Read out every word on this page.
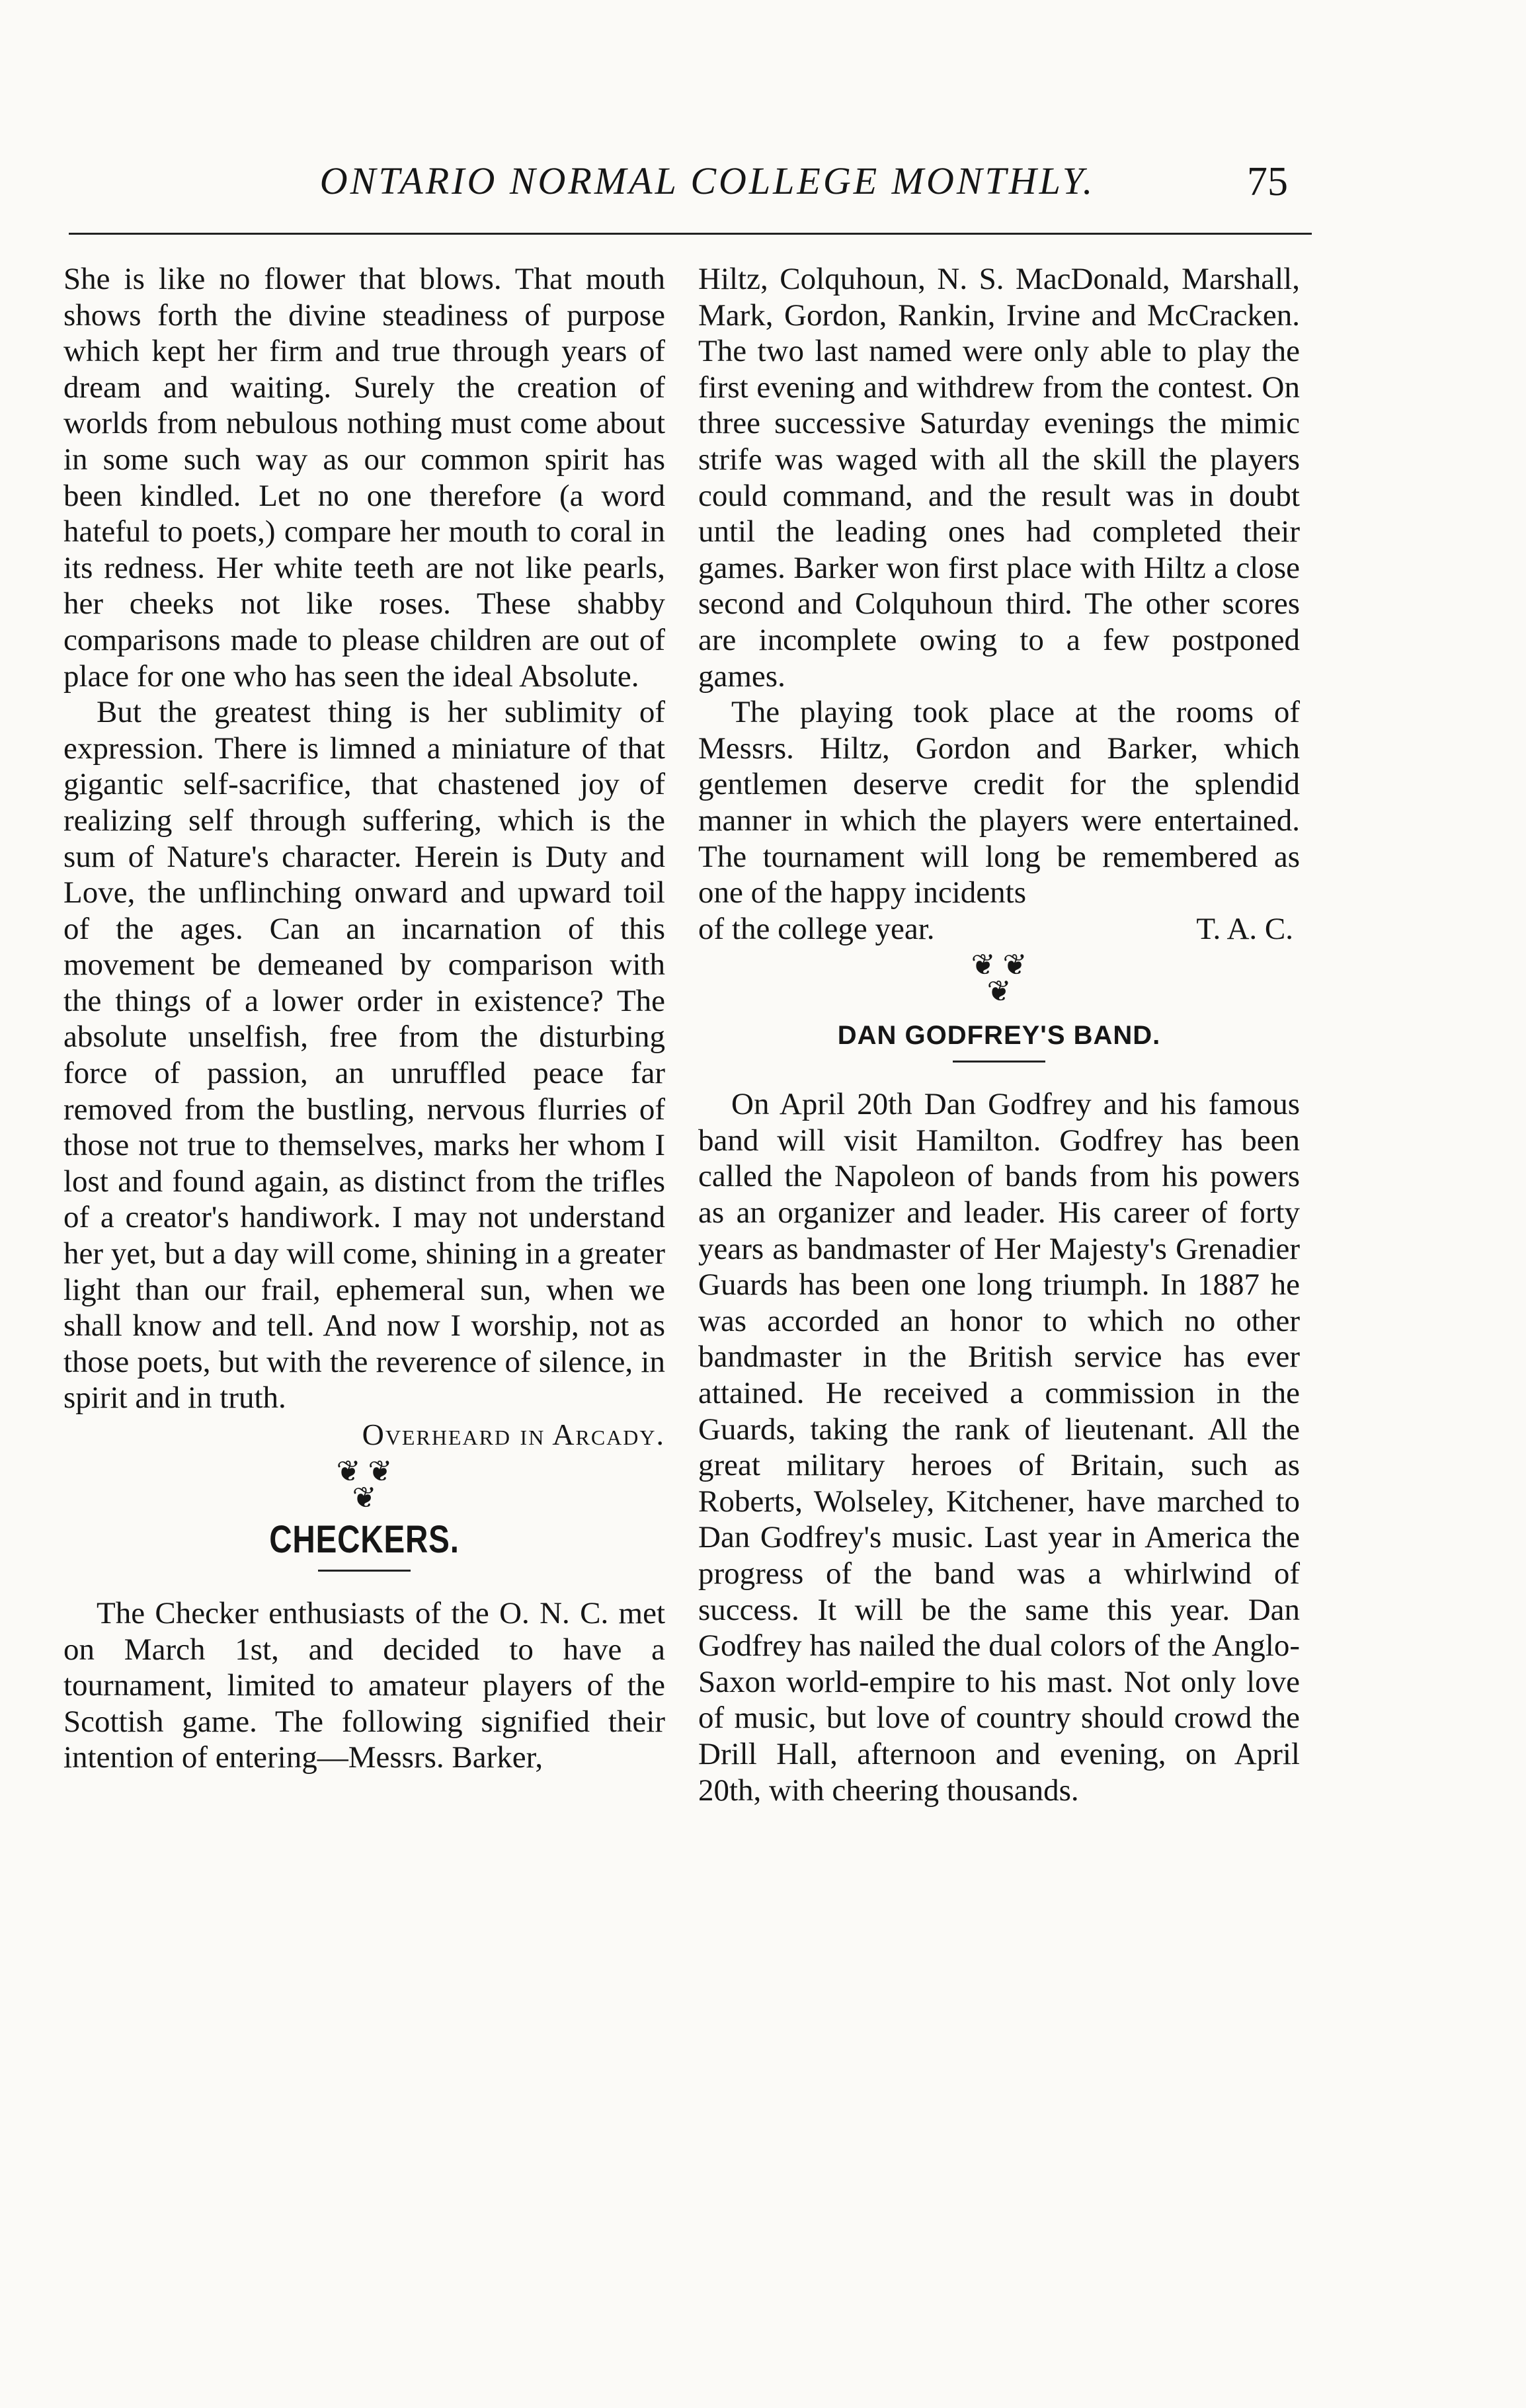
ONTARIO NORMAL COLLEGE MONTHLY.	75

She is like no flower that blows. That mouth shows forth the divine steadiness of purpose which kept her firm and true through years of dream and waiting. Surely the creation of worlds from nebulous nothing must come about in some such way as our common spirit has been kindled. Let no one therefore (a word hateful to poets,) compare her mouth to coral in its redness. Her white teeth are not like pearls, her cheeks not like roses. These shabby comparisons made to please children are out of place for one who has seen the ideal Absolute.

But the greatest thing is her sublimity of expression. There is limned a miniature of that gigantic self-sacrifice, that chastened joy of realizing self through suffering, which is the sum of Nature's character. Herein is Duty and Love, the unflinching onward and upward toil of the ages. Can an incarnation of this movement be demeaned by comparison with the things of a lower order in existence? The absolute unselfish, free from the disturbing force of passion, an unruffled peace far removed from the bustling, nervous flurries of those not true to themselves, marks her whom I lost and found again, as distinct from the trifles of a creator's handiwork. I may not understand her yet, but a day will come, shining in a greater light than our frail, ephemeral sun, when we shall know and tell. And now I worship, not as those poets, but with the reverence of silence, in spirit and in truth.

Overheard in Arcady.

❦ ❦
❦
CHECKERS.

The Checker enthusiasts of the O. N. C. met on March 1st, and decided to have a tournament, limited to amateur players of the Scottish game. The following signified their intention of entering—Messrs. Barker,

Hiltz, Colquhoun, N. S. MacDonald, Marshall, Mark, Gordon, Rankin, Irvine and McCracken. The two last named were only able to play the first evening and withdrew from the contest. On three successive Saturday evenings the mimic strife was waged with all the skill the players could command, and the result was in doubt until the leading ones had completed their games. Barker won first place with Hiltz a close second and Colquhoun third. The other scores are incomplete owing to a few postponed games.

The playing took place at the rooms of Messrs. Hiltz, Gordon and Barker, which gentlemen deserve credit for the splendid manner in which the players were entertained. The tournament will long be remembered as one of the happy incidents

of the college year.	T. A. C.
❦ ❦
❦
DAN GODFREY'S BAND.

On April 20th Dan Godfrey and his famous band will visit Hamilton. Godfrey has been called the Napoleon of bands from his powers as an organizer and leader. His career of forty years as bandmaster of Her Majesty's Grenadier Guards has been one long triumph. In 1887 he was accorded an honor to which no other bandmaster in the British service has ever attained. He received a commission in the Guards, taking the rank of lieutenant. All the great military heroes of Britain, such as Roberts, Wolseley, Kitchener, have marched to Dan Godfrey's music. Last year in America the progress of the band was a whirlwind of success. It will be the same this year. Dan Godfrey has nailed the dual colors of the Anglo-Saxon world-empire to his mast. Not only love of music, but love of country should crowd the Drill Hall, afternoon and evening, on April 20th, with cheering thousands.
